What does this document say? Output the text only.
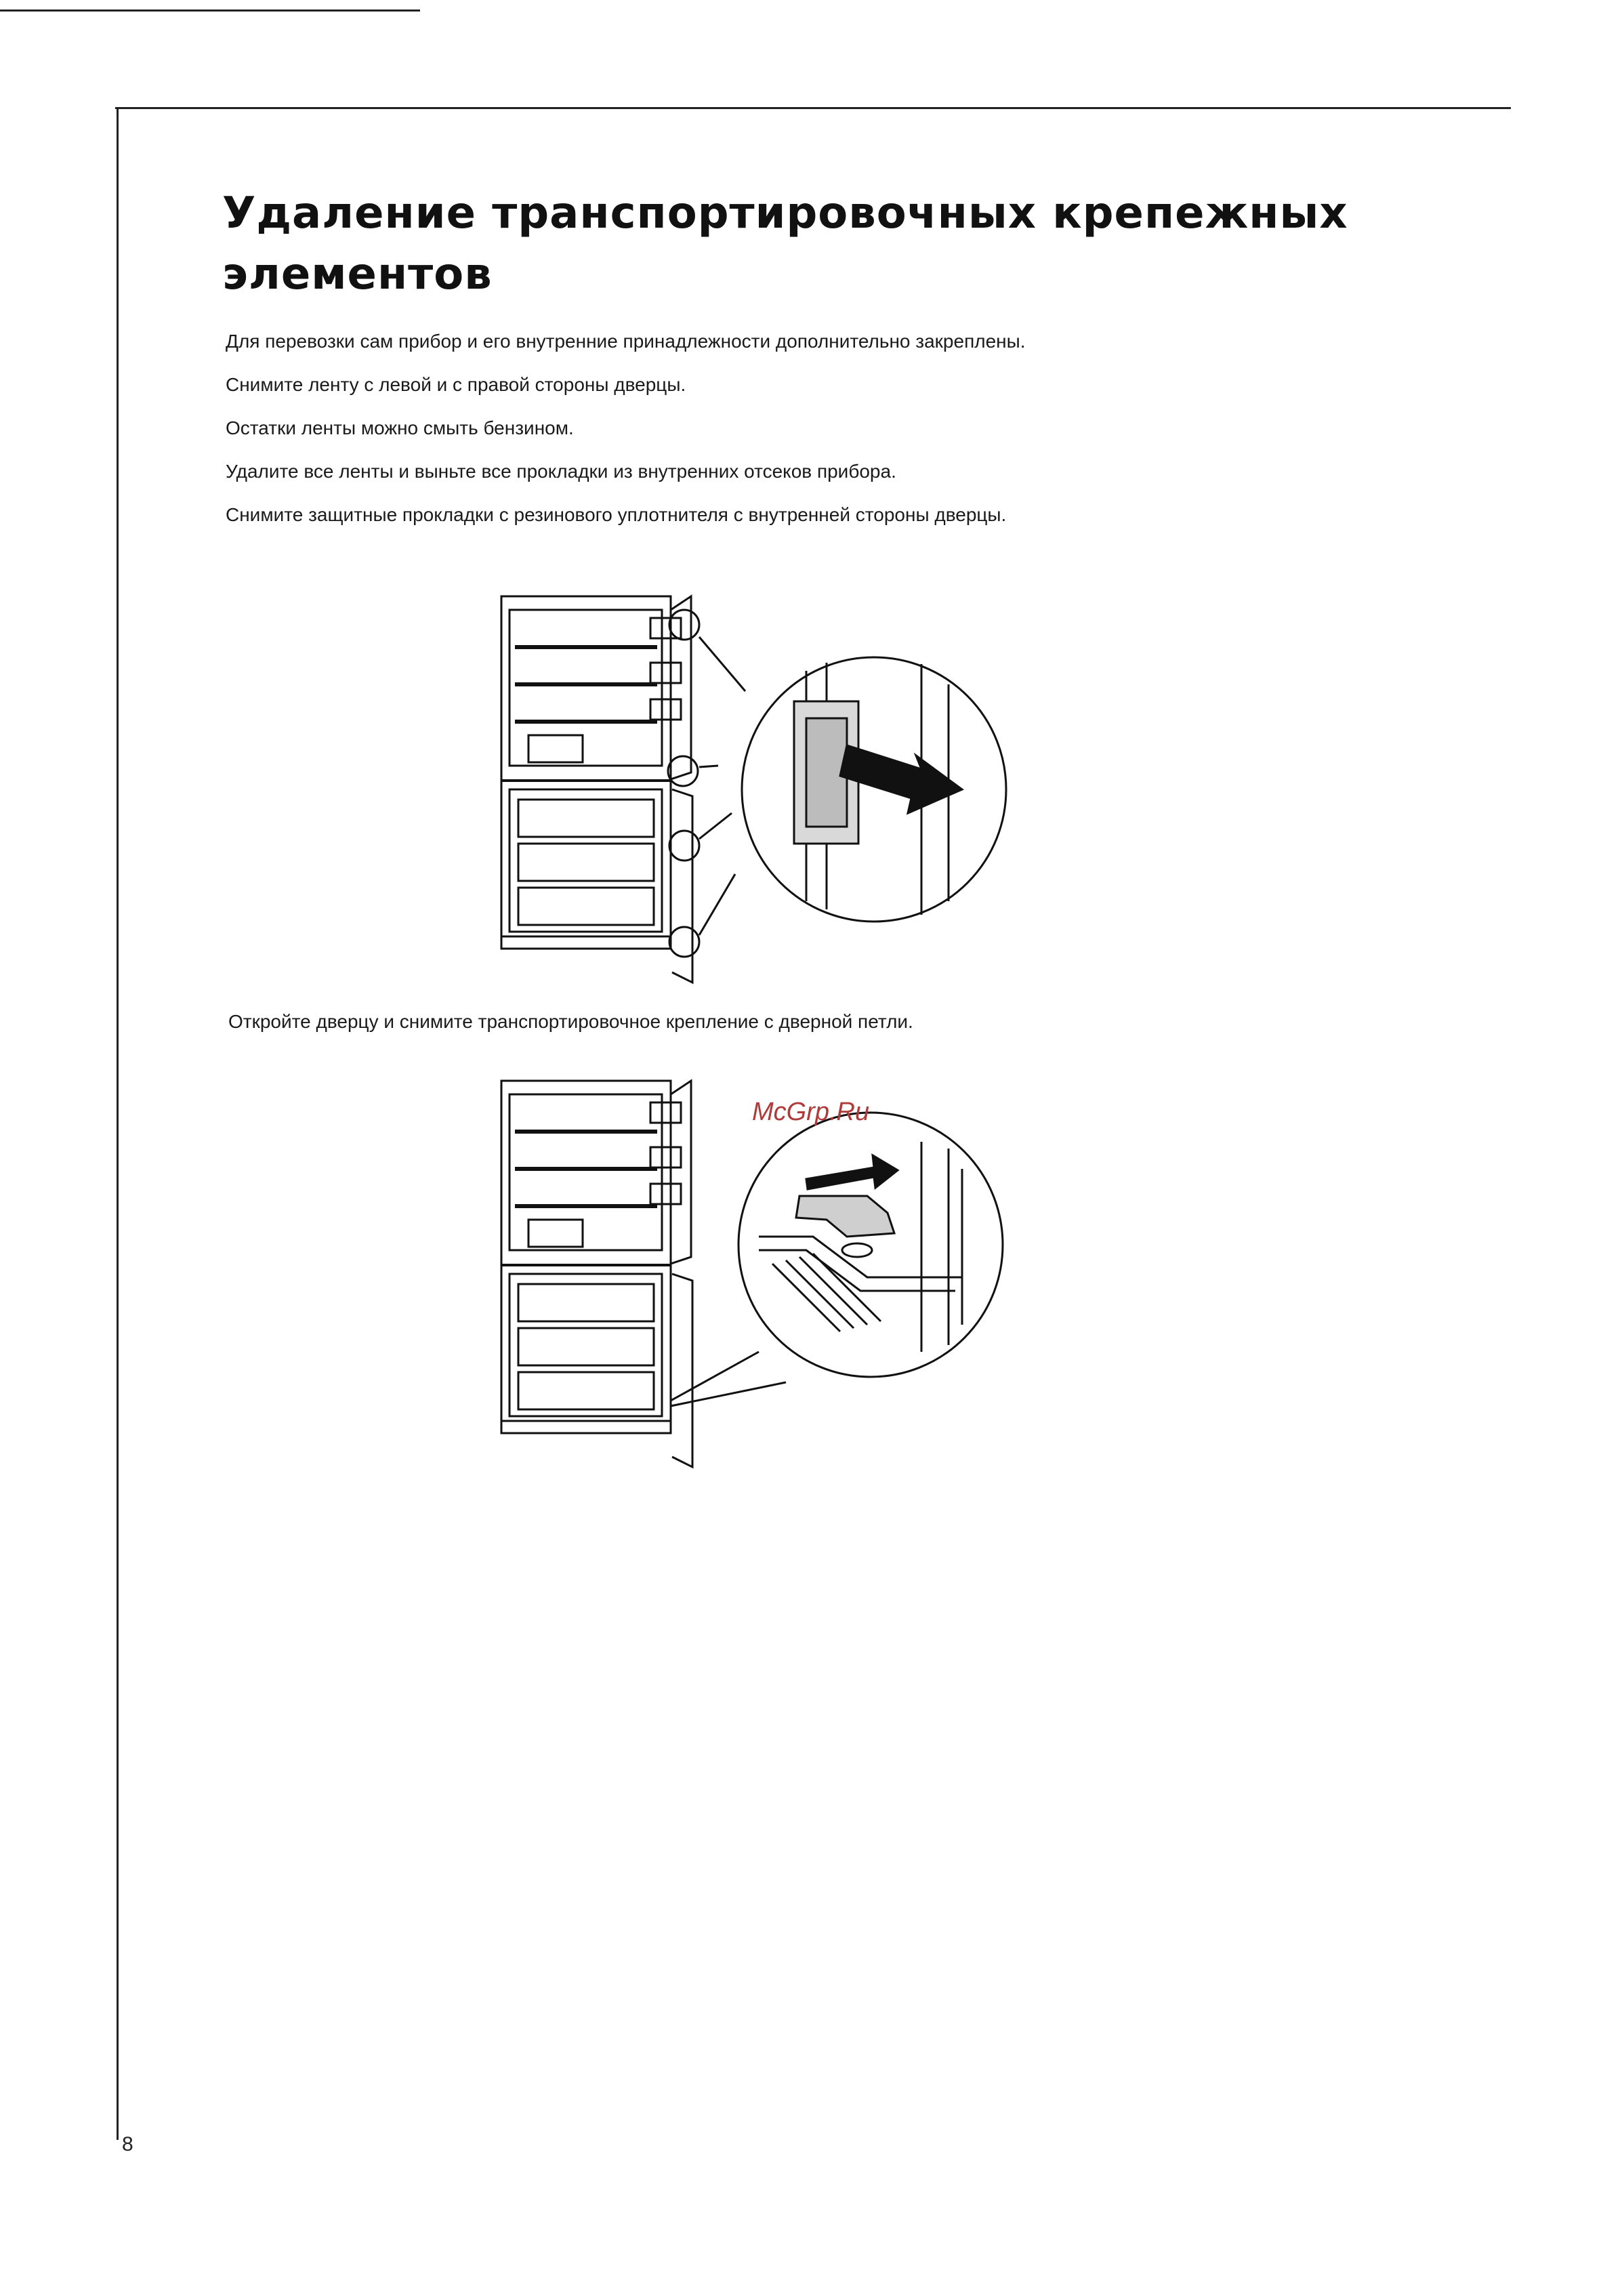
Удаление транспортировочных крепежных
элементов
Для перевозки сам прибор и его внутренние принадлежности дополнительно закреплены.
Снимите ленту с левой и с правой стороны дверцы.
Остатки ленты можно смыть бензином.
Удалите все ленты и выньте все прокладки из внутренних отсеков прибора.
Снимите защитные прокладки с резинового уплотнителя с внутренней стороны дверцы.
Откройте дверцу и снимите транспортировочное крепление с дверной петли.
McGrp.Ru
8
